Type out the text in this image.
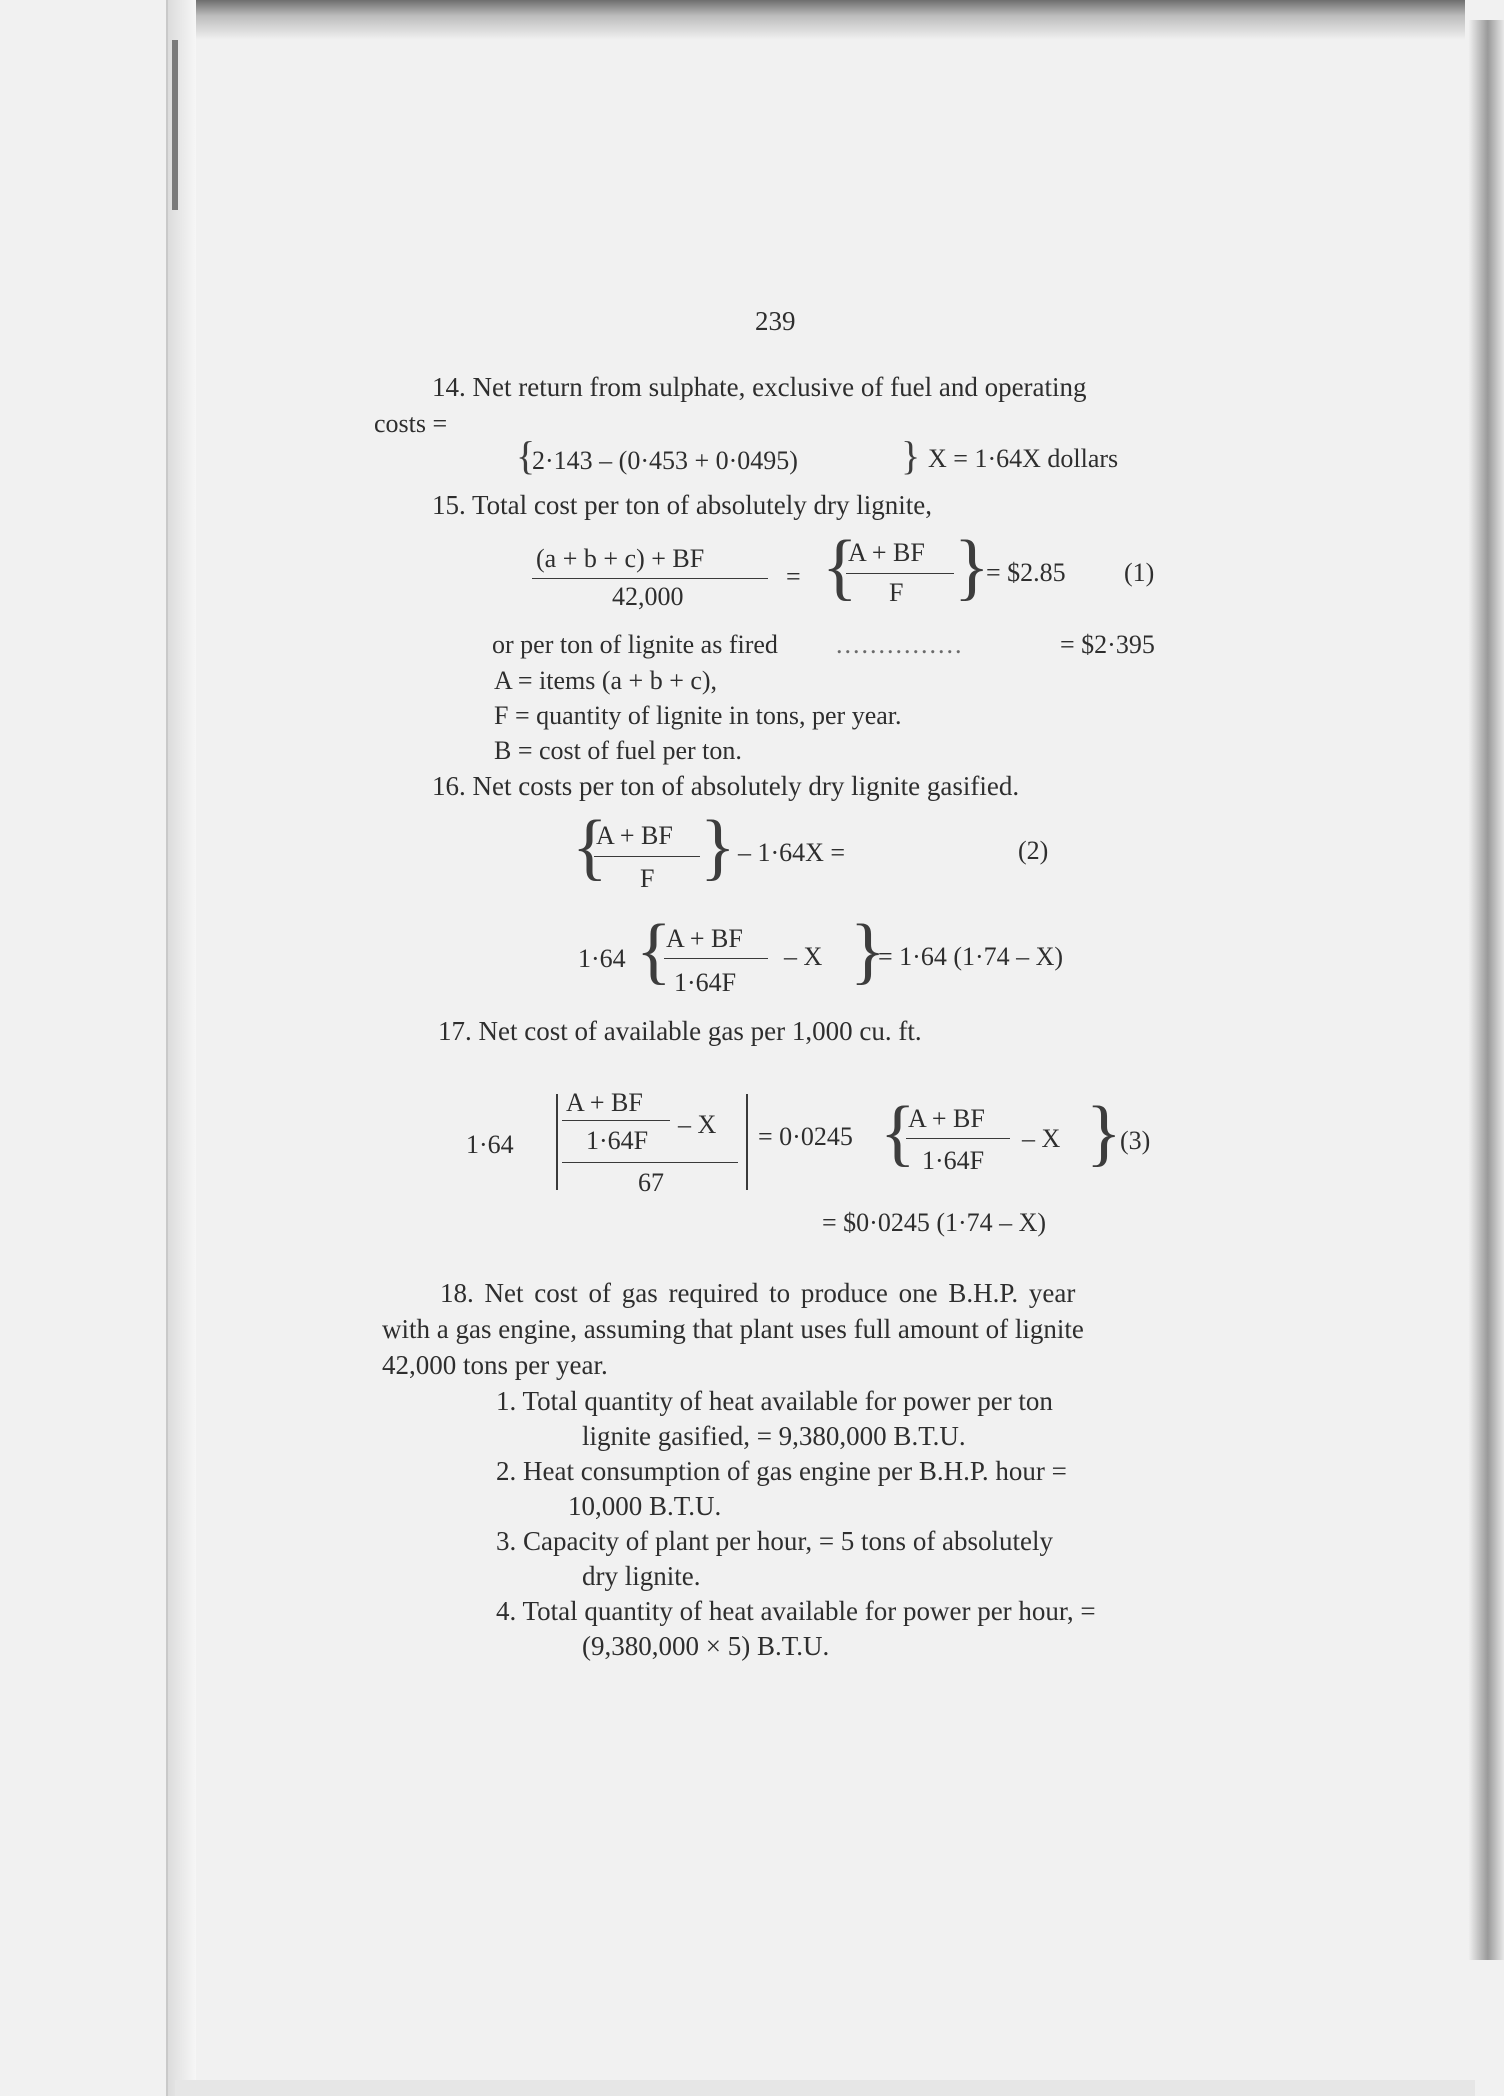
239
14. Net return from sulphate, exclusive of fuel and operating
costs =
{
2·143 – (0·453 + 0·0495)	} X = 1·64X dollars
15. Total cost per ton of absolutely dry lignite,
(a + b + c) + BF
42,000
= {
A + BF
F }
= $2.85 (1)
or per ton of lignite as fired ...............	= $2·395
A = items (a + b + c),
F = quantity of lignite in tons, per year.
B = cost of fuel per ton.
16. Net costs per ton of absolutely dry lignite gasified.
{
A + BF
F } – 1·64X =	(2)
1·64 {
A + BF
1·64F
– X }
= 1·64 (1·74 – X)
17. Net cost of available gas per 1,000 cu. ft.
1·64
A + BF
1·64F
– X
67
= 0·0245 {
A + BF
1·64F
– X }
(3)
= $0·0245 (1·74 – X)
18. Net cost of gas required to produce one B.H.P. year
with a gas engine, assuming that plant uses full amount of lignite
42,000 tons per year.
1. Total quantity of heat available for power per ton
lignite gasified, = 9,380,000 B.T.U.
2. Heat consumption of gas engine per B.H.P. hour =
10,000 B.T.U.
3. Capacity of plant per hour, = 5 tons of absolutely
dry lignite.
4. Total quantity of heat available for power per hour, =
(9,380,000 × 5) B.T.U.
